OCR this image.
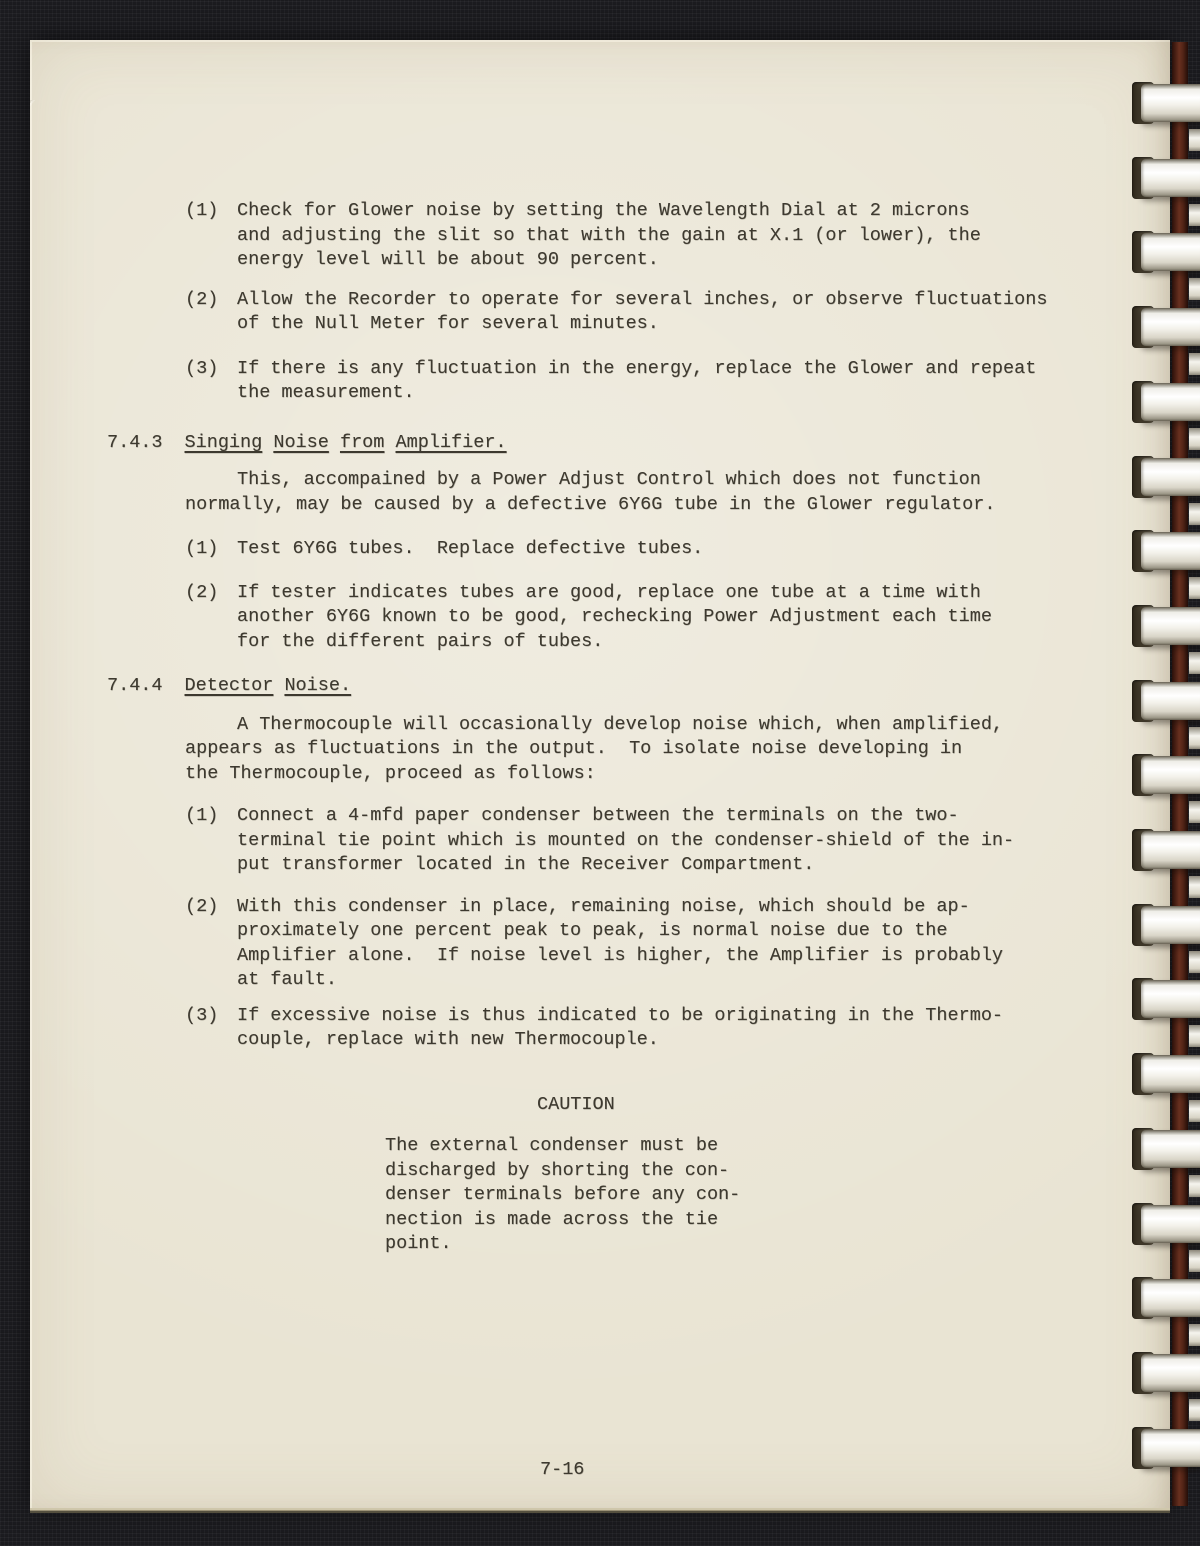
(1)	Check for Glower noise by setting the Wavelength Dial at 2 microns
and adjusting the slit so that with the gain at X.1 (or lower), the
energy level will be about 90 percent.
(2)	Allow the Recorder to operate for several inches, or observe fluctuations
of the Null Meter for several minutes.
(3)	If there is any fluctuation in the energy, replace the Glower and repeat
the measurement.
7.4.3 Singing Noise from Amplifier.
This, accompained by a Power Adjust Control which does not function
normally, may be caused by a defective 6Y6G tube in the Glower regulator.
(1)	Test 6Y6G tubes.  Replace defective tubes.
(2)	If tester indicates tubes are good, replace one tube at a time with
another 6Y6G known to be good, rechecking Power Adjustment each time
for the different pairs of tubes.
7.4.4 Detector Noise.
A Thermocouple will occasionally develop noise which, when amplified,
appears as fluctuations in the output.  To isolate noise developing in
the Thermocouple, proceed as follows:
(1)	Connect a 4-mfd paper condenser between the terminals on the two-
terminal tie point which is mounted on the condenser-shield of the in-
put transformer located in the Receiver Compartment.
(2)	With this condenser in place, remaining noise, which should be ap-
proximately one percent peak to peak, is normal noise due to the
Amplifier alone.  If noise level is higher, the Amplifier is probably
at fault.
(3)	If excessive noise is thus indicated to be originating in the Thermo-
couple, replace with new Thermocouple.
CAUTION
The external condenser must be
discharged by shorting the con-
denser terminals before any con-
nection is made across the tie
point.
7-16
